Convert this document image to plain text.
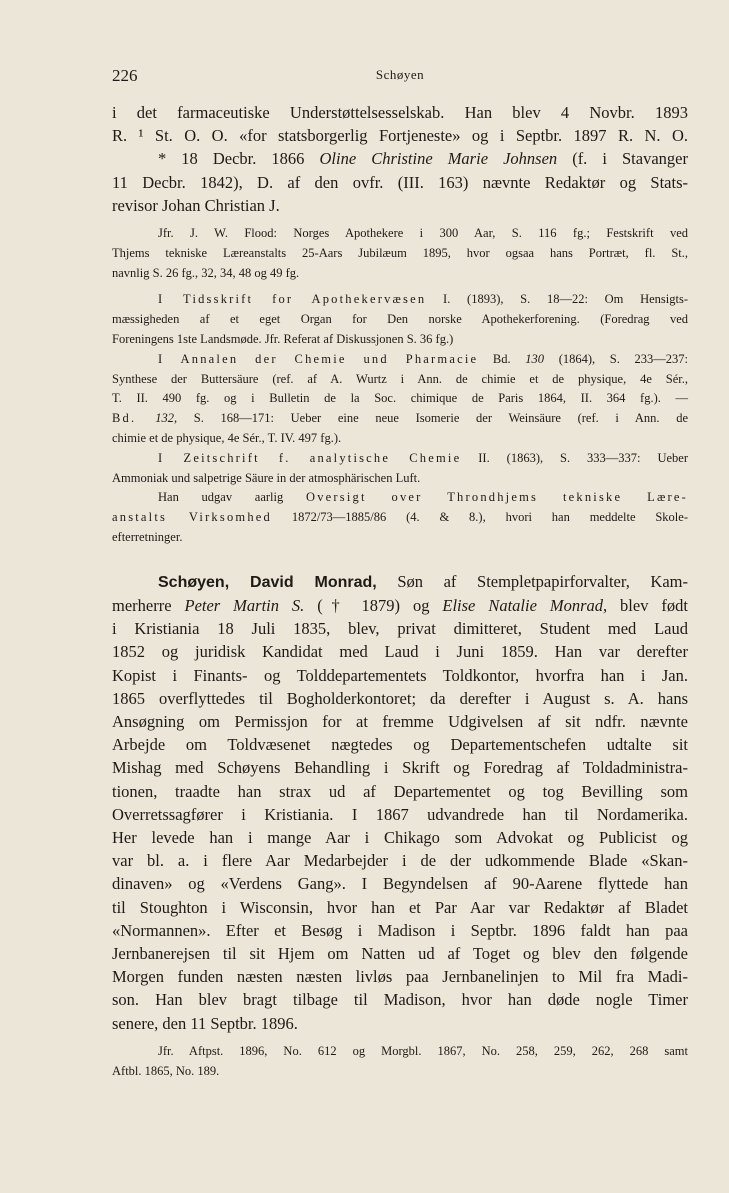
226	Schøyen

i det farmaceutiske Understøttelsesselskab. Han blev 4 Novbr. 1893

R. ¹ St. O. O. «for statsborgerlig Fortjeneste» og i Septbr. 1897 R. N. O.

* 18 Decbr. 1866 Oline Christine Marie Johnsen (f. i Stavanger

11 Decbr. 1842), D. af den ovfr. (III. 163) nævnte Redaktør og Stats-

revisor Johan Christian J.

Jfr. J. W. Flood: Norges Apothekere i 300 Aar, S. 116 fg.; Festskrift ved

Thjems tekniske Læreanstalts 25-Aars Jubilæum 1895, hvor ogsaa hans Portræt, fl. St.,

navnlig S. 26 fg., 32, 34, 48 og 49 fg.

I Tidsskrift for Apothekervæsen I. (1893), S. 18—22: Om Hensigts-

mæssigheden af et eget Organ for Den norske Apothekerforening. (Foredrag ved

Foreningens 1ste Landsmøde. Jfr. Referat af Diskussjonen S. 36 fg.)

I Annalen der Chemie und Pharmacie Bd. 130 (1864), S. 233—237:

Synthese der Buttersäure (ref. af A. Wurtz i Ann. de chimie et de physique, 4e Sér.,

T. II. 490 fg. og i Bulletin de la Soc. chimique de Paris 1864, II. 364 fg.). —

Bd. 132, S. 168—171: Ueber eine neue Isomerie der Weinsäure (ref. i Ann. de

chimie et de physique, 4e Sér., T. IV. 497 fg.).

I Zeitschrift f. analytische Chemie II. (1863), S. 333—337: Ueber

Ammoniak und salpetrige Säure in der atmosphärischen Luft.

Han udgav aarlig Oversigt over Throndhjems tekniske Lære-

anstalts Virksomhed 1872/73—1885/86 (4. & 8.), hvori han meddelte Skole-

efterretninger.

Schøyen, David Monrad, Søn af Stempletpapirforvalter, Kam-

merherre Peter Martin S. († 1879) og Elise Natalie Monrad, blev født

i Kristiania 18 Juli 1835, blev, privat dimitteret, Student med Laud

1852 og juridisk Kandidat med Laud i Juni 1859. Han var derefter

Kopist i Finants- og Tolddepartementets Toldkontor, hvorfra han i Jan.

1865 overflyttedes til Bogholderkontoret; da derefter i August s. A. hans

Ansøgning om Permissjon for at fremme Udgivelsen af sit ndfr. nævnte

Arbejde om Toldvæsenet nægtedes og Departementschefen udtalte sit

Mishag med Schøyens Behandling i Skrift og Foredrag af Toldadministra-

tionen, traadte han strax ud af Departementet og tog Bevilling som

Overretssagfører i Kristiania. I 1867 udvandrede han til Nordamerika.

Her levede han i mange Aar i Chikago som Advokat og Publicist og

var bl. a. i flere Aar Medarbejder i de der udkommende Blade «Skan-

dinaven» og «Verdens Gang». I Begyndelsen af 90-Aarene flyttede han

til Stoughton i Wisconsin, hvor han et Par Aar var Redaktør af Bladet

«Normannen». Efter et Besøg i Madison i Septbr. 1896 faldt han paa

Jernbanerejsen til sit Hjem om Natten ud af Toget og blev den følgende

Morgen funden næsten næsten livløs paa Jernbanelinjen to Mil fra Madi-

son. Han blev bragt tilbage til Madison, hvor han døde nogle Timer

senere, den 11 Septbr. 1896.

Jfr. Aftpst. 1896, No. 612 og Morgbl. 1867, No. 258, 259, 262, 268 samt

Aftbl. 1865, No. 189.
